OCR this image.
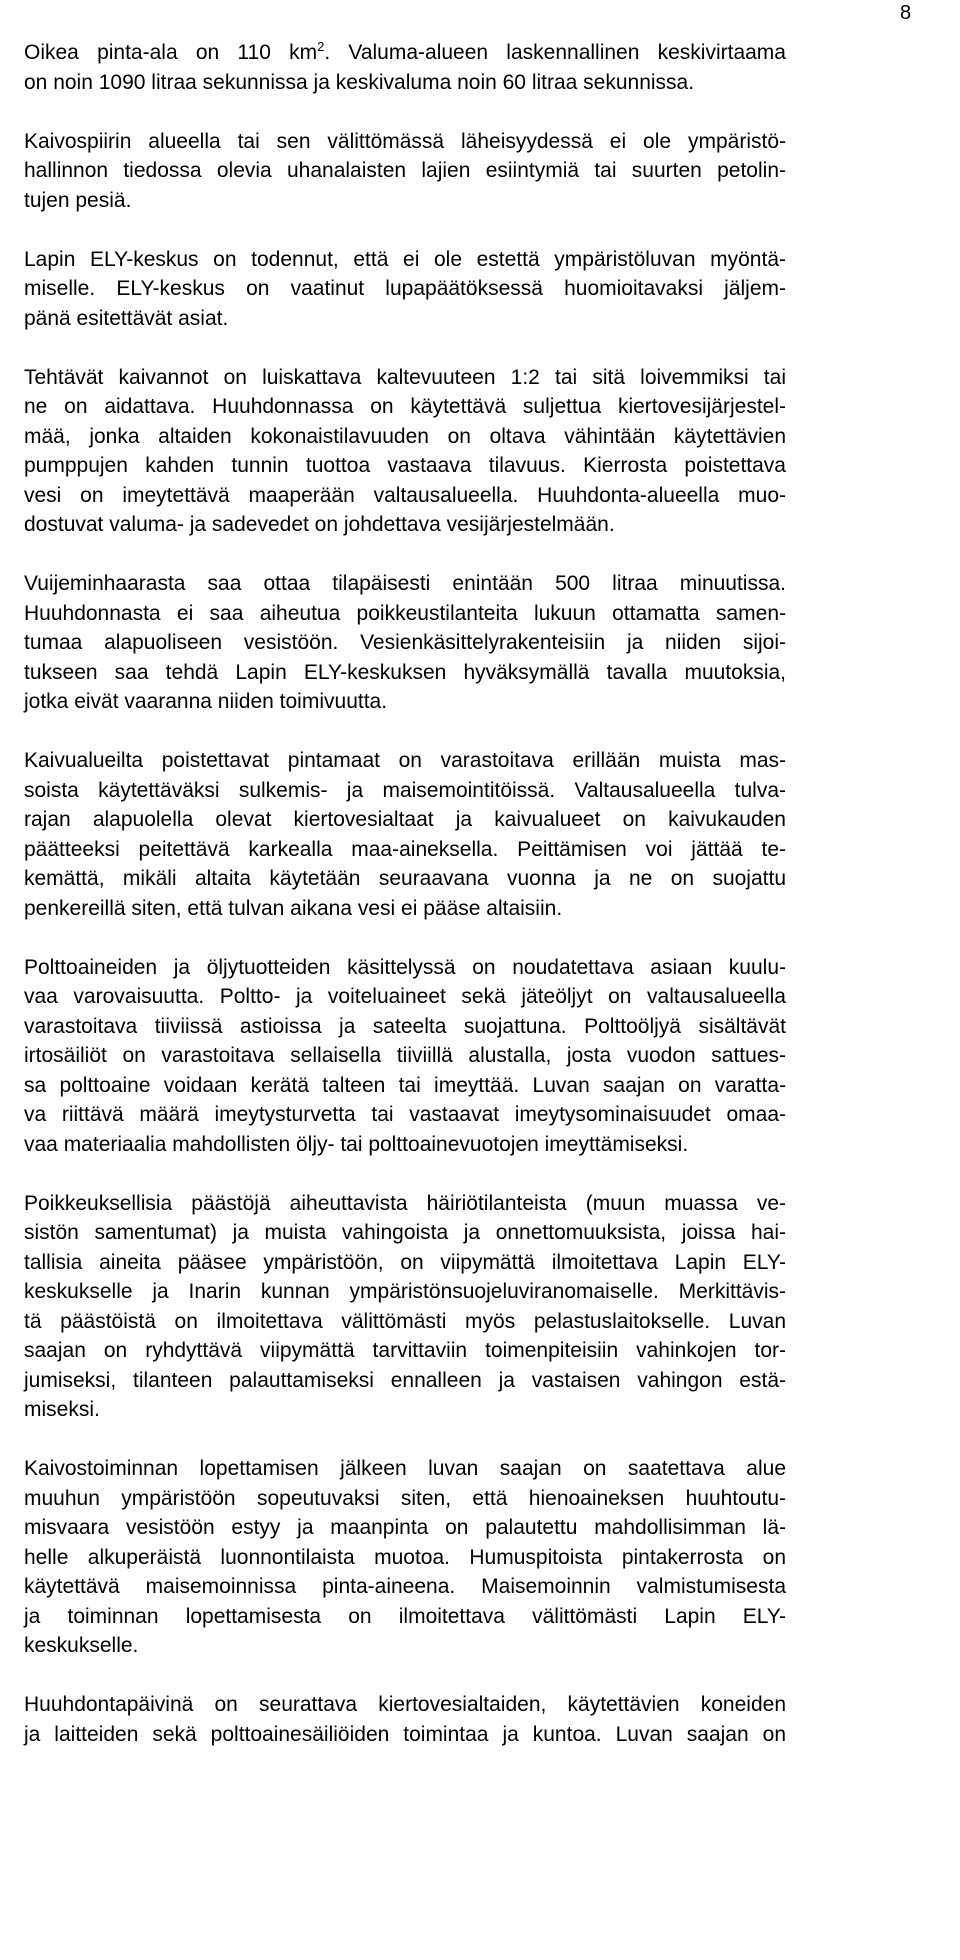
8
Oikea pinta-ala on 110 $km^2$. Valuma-alueen laskennallinen keskivirtaama
on noin 1090 litraa sekunnissa ja keskivaluma noin 60 litraa sekunnissa.
Kaivospiirin alueella tai sen välittömässä läheisyydessä ei ole ympäristö-
hallinnon tiedossa olevia uhanalaisten lajien esiintymiä tai suurten petolin-
tujen pesiä.
Lapin ELY-keskus on todennut, että ei ole estettä ympäristöluvan myöntä-
miselle. ELY-keskus on vaatinut lupapäätöksessä huomioitavaksi jäljem-
pänä esitettävät asiat.
Tehtävät kaivannot on luiskattava kaltevuuteen 1:2 tai sitä loivemmiksi tai
ne on aidattava. Huuhdonnassa on käytettävä suljettua kiertovesijärjestel-
mää, jonka altaiden kokonaistilavuuden on oltava vähintään käytettävien
pumppujen kahden tunnin tuottoa vastaava tilavuus. Kierrosta poistettava
vesi on imeytettävä maaperään valtausalueella. Huuhdonta-alueella muo-
dostuvat valuma- ja sadevedet on johdettava vesijärjestelmään.
Vuijeminhaarasta saa ottaa tilapäisesti enintään 500 litraa minuutissa.
Huuhdonnasta ei saa aiheutua poikkeustilanteita lukuun ottamatta samen-
tumaa alapuoliseen vesistöön. Vesienkäsittelyrakenteisiin ja niiden sijoi-
tukseen saa tehdä Lapin ELY-keskuksen hyväksymällä tavalla muutoksia,
jotka eivät vaaranna niiden toimivuutta.
Kaivualueilta poistettavat pintamaat on varastoitava erillään muista mas-
soista käytettäväksi sulkemis- ja maisemointitöissä. Valtausalueella tulva-
rajan alapuolella olevat kiertovesialtaat ja kaivualueet on kaivukauden
päätteeksi peitettävä karkealla maa-aineksella. Peittämisen voi jättää te-
kemättä, mikäli altaita käytetään seuraavana vuonna ja ne on suojattu
penkereillä siten, että tulvan aikana vesi ei pääse altaisiin.
Polttoaineiden ja öljytuotteiden käsittelyssä on noudatettava asiaan kuulu-
vaa varovaisuutta. Poltto- ja voiteluaineet sekä jäteöljyt on valtausalueella
varastoitava tiiviissä astioissa ja sateelta suojattuna. Polttoöljyä sisältävät
irtosäiliöt on varastoitava sellaisella tiiviillä alustalla, josta vuodon sattues-
sa polttoaine voidaan kerätä talteen tai imeyttää. Luvan saajan on varatta-
va riittävä määrä imeytysturvetta tai vastaavat imeytysominaisuudet omaa-
vaa materiaalia mahdollisten öljy- tai polttoainevuotojen imeyttämiseksi.
Poikkeuksellisia päästöjä aiheuttavista häiriötilanteista (muun muassa ve-
sistön samentumat) ja muista vahingoista ja onnettomuuksista, joissa hai-
tallisia aineita pääsee ympäristöön, on viipymättä ilmoitettava Lapin ELY-
keskukselle ja Inarin kunnan ympäristönsuojeluviranomaiselle. Merkittävis-
tä päästöistä on ilmoitettava välittömästi myös pelastuslaitokselle. Luvan
saajan on ryhdyttävä viipymättä tarvittaviin toimenpiteisiin vahinkojen tor-
jumiseksi, tilanteen palauttamiseksi ennalleen ja vastaisen vahingon estä-
miseksi.
Kaivostoiminnan lopettamisen jälkeen luvan saajan on saatettava alue
muuhun ympäristöön sopeutuvaksi siten, että hienoaineksen huuhtoutu-
misvaara vesistöön estyy ja maanpinta on palautettu mahdollisimman lä-
helle alkuperäistä luonnontilaista muotoa. Humuspitoista pintakerrosta on
käytettävä maisemoinnissa pinta-aineena. Maisemoinnin valmistumisesta
ja toiminnan lopettamisesta on ilmoitettava välittömästi Lapin ELY-
keskukselle.
Huuhdontapäivinä on seurattava kiertovesialtaiden, käytettävien koneiden
ja laitteiden sekä polttoainesäiliöiden toimintaa ja kuntoa. Luvan saajan on
